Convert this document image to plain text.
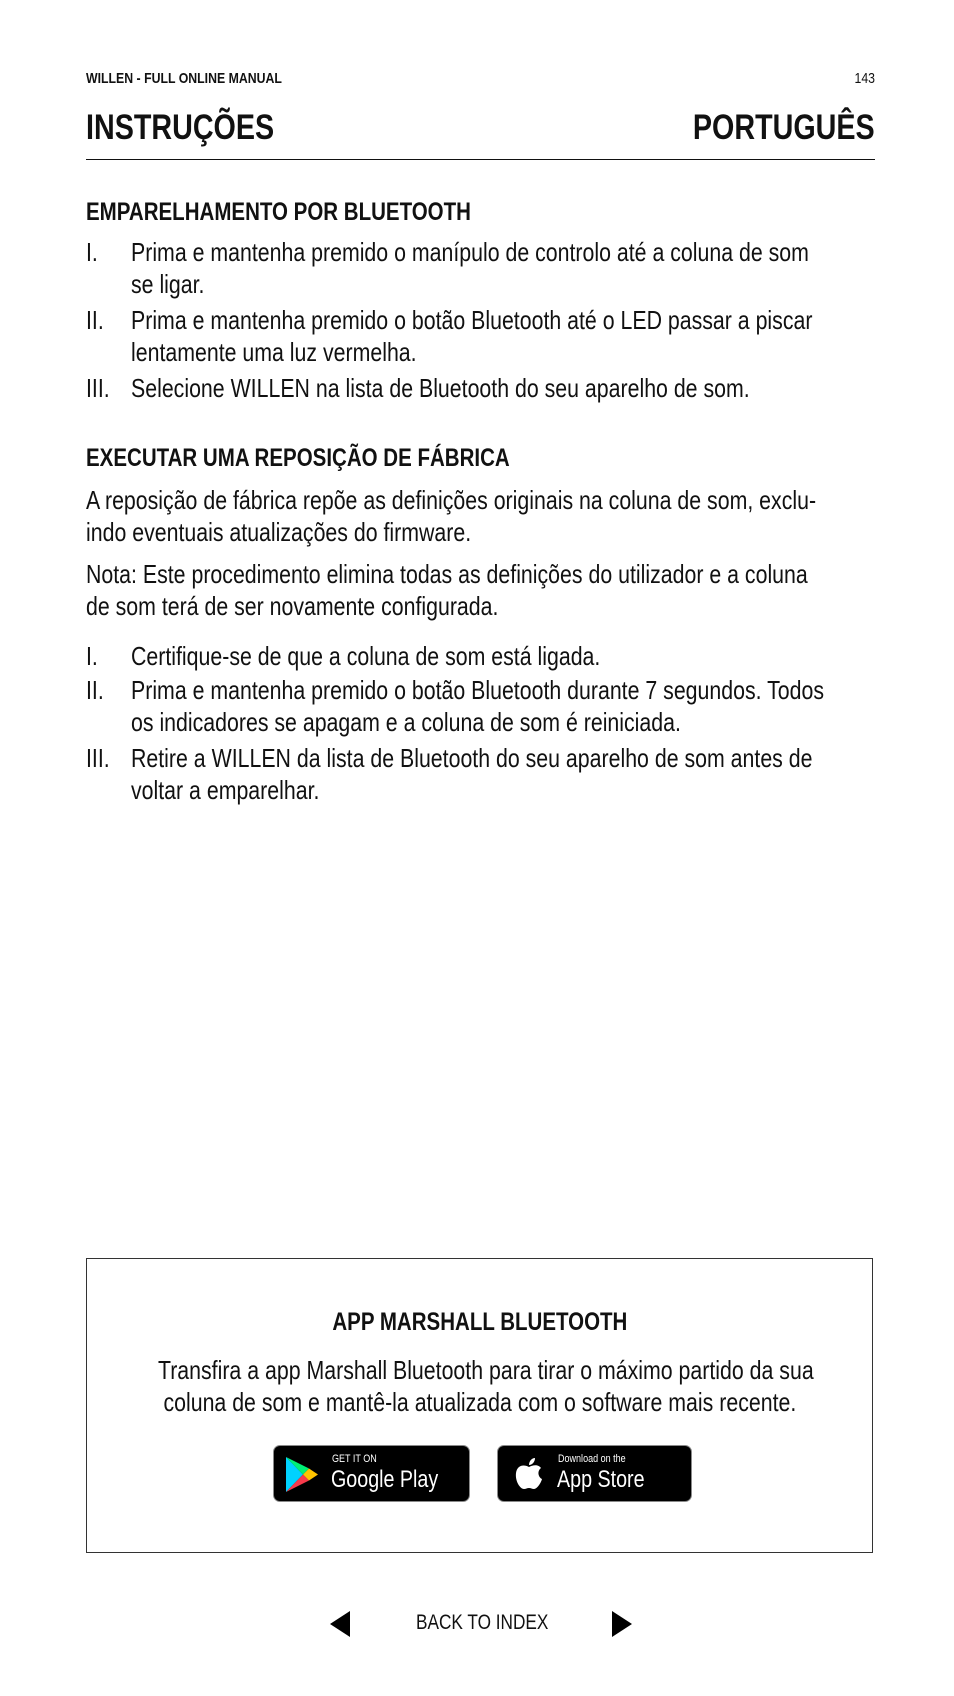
WILLEN - FULL ONLINE MANUAL	143
INSTRUÇÕES	PORTUGUÊS
EMPARELHAMENTO POR BLUETOOTH
I. Prima e mantenha premido o manípulo de controlo até a coluna de som
se ligar.
II. Prima e mantenha premido o botão Bluetooth até o LED passar a piscar
lentamente uma luz vermelha.
III. Selecione WILLEN na lista de Bluetooth do seu aparelho de som.
EXECUTAR UMA REPOSIÇÃO DE FÁBRICA
A reposição de fábrica repõe as definições originais na coluna de som, exclu-
indo eventuais atualizações do firmware.
Nota: Este procedimento elimina todas as definições do utilizador e a coluna
de som terá de ser novamente configurada.
I. Certifique-se de que a coluna de som está ligada.
II. Prima e mantenha premido o botão Bluetooth durante 7 segundos. Todos
os indicadores se apagam e a coluna de som é reiniciada.
III. Retire a WILLEN da lista de Bluetooth do seu aparelho de som antes de
voltar a emparelhar.
APP MARSHALL BLUETOOTH
Transfira a app Marshall Bluetooth para tirar o máximo partido da sua
coluna de som e mantê-la atualizada com o software mais recente.
GET IT ON
Google Play
Download on the
App Store
BACK TO INDEX
